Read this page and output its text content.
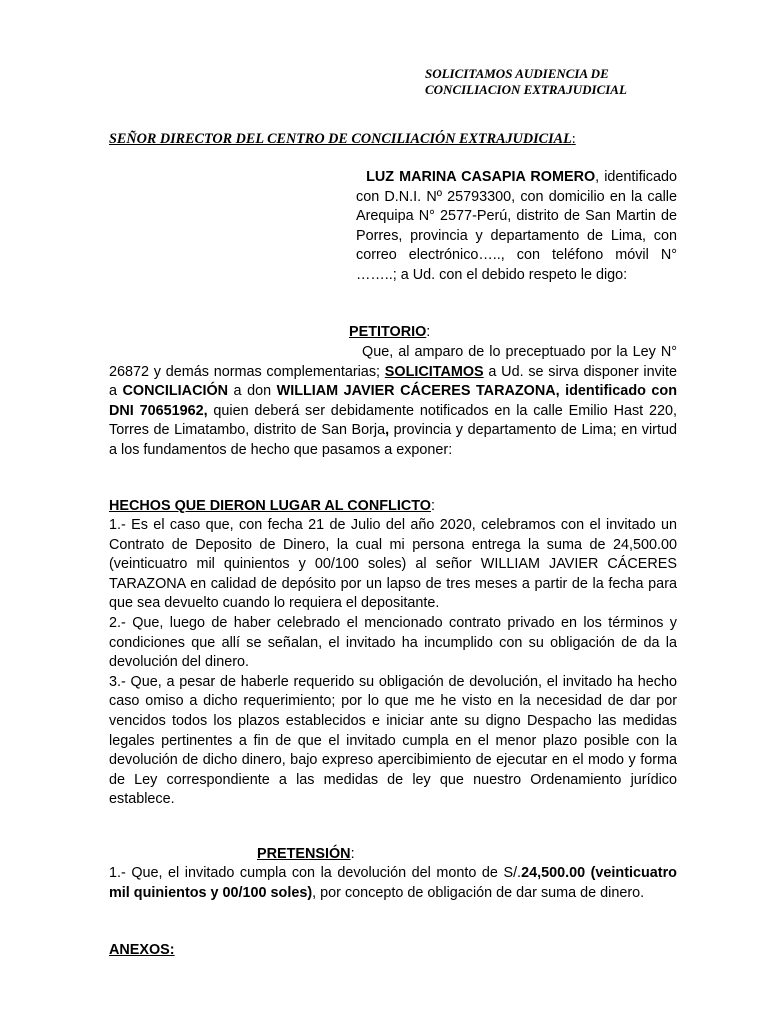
SOLICITAMOS AUDIENCIA DE
CONCILIACION EXTRAJUDICIAL

SEÑOR DIRECTOR DEL CENTRO DE CONCILIACIÓN EXTRAJUDICIAL:

LUZ MARINA CASAPIA ROMERO, identificado con D.N.I. Nº 25793300, con domicilio en la calle Arequipa N° 2577-Perú, distrito de San Martin de Porres, provincia y departamento de Lima, con correo electrónico….., con teléfono móvil N° ……..; a Ud. con el debido respeto le digo:

PETITORIO:

Que, al amparo de lo preceptuado por la Ley N° 26872 y demás normas complementarias; SOLICITAMOS a Ud. se sirva disponer invite a CONCILIACIÓN a don WILLIAM JAVIER CÁCERES TARAZONA, identificado con DNI 70651962, quien deberá ser debidamente notificados en la calle Emilio Hast 220, Torres de Limatambo, distrito de San Borja, provincia y departamento de Lima; en virtud a los fundamentos de hecho que pasamos a exponer:

HECHOS QUE DIERON LUGAR AL CONFLICTO:

1.- Es el caso que, con fecha 21 de Julio del año 2020, celebramos con el invitado un Contrato de Deposito de Dinero, la cual mi persona entrega la suma de 24,500.00 (veinticuatro mil quinientos y 00/100 soles) al señor WILLIAM JAVIER CÁCERES TARAZONA en calidad de depósito por un lapso de tres meses a partir de la fecha para que sea devuelto cuando lo requiera el depositante.
2.- Que, luego de haber celebrado el mencionado contrato privado en los términos y condiciones que allí se señalan, el invitado ha incumplido con su obligación de da la devolución del dinero.
3.- Que, a pesar de haberle requerido su obligación de devolución, el invitado ha hecho caso omiso a dicho requerimiento; por lo que me he visto en la necesidad de dar por vencidos todos los plazos establecidos e iniciar ante su digno Despacho las medidas legales pertinentes a fin de que el invitado cumpla en el menor plazo posible con la devolución de dicho dinero, bajo expreso apercibimiento de ejecutar en el modo y forma de Ley correspondiente a las medidas de ley que nuestro Ordenamiento jurídico establece.

PRETENSIÓN:

1.- Que, el invitado cumpla con la devolución del monto de S/.24,500.00 (veinticuatro mil quinientos y 00/100 soles), por concepto de obligación de dar suma de dinero.

ANEXOS:
